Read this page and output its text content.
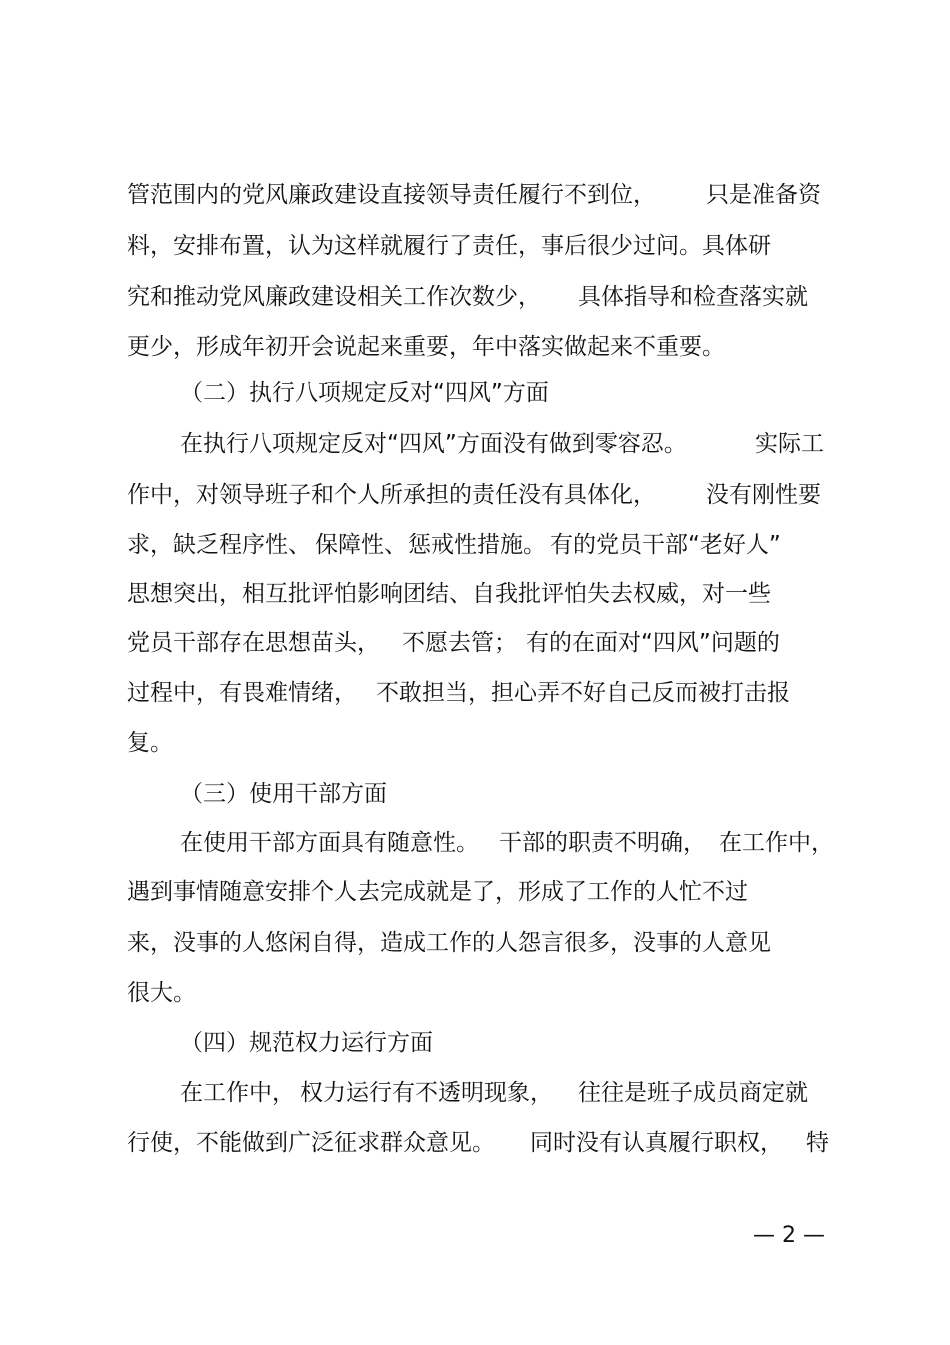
管范围内的党风廉政建设直接领导责任履行不到位，

只是准备资

料，安排布置，认为这样就履行了责任，事后很少过问。具体研

究和推动党风廉政建设相关工作次数少，

具体指导和检查落实就

更少，形成年初开会说起来重要，年中落实做起来不重要。

（二）执行八项规定反对“四风”方面

在执行八项规定反对“四风”方面没有做到零容忍。

	实际工

作中，对领导班子和个人所承担的责任没有具体化，

没有刚性要

求，缺乏程序性、

保障性、

惩戒性措施。

有的党员干部“老好人”

思想突出，相互批评怕影响团结、自我批评怕失去权威，对一些

党员干部存在思想苗头，

不愿去管；

有的在面对“四风”问题的

过程中，有畏难情绪，

不敢担当，担心弄不好自己反而被打击报

复。

（三）使用干部方面

在使用干部方面具有随意性。

干部的职责不明确，

在工作中，

遇到事情随意安排个人去完成就是了，形成了工作的人忙不过

来，没事的人悠闲自得，造成工作的人怨言很多，没事的人意见

很大。

（四）规范权力运行方面

在工作中，

权力运行有不透明现象，

往往是班子成员商定就

行使，不能做到广泛征求群众意见。

同时没有认真履行职权，

特

— 2 —
